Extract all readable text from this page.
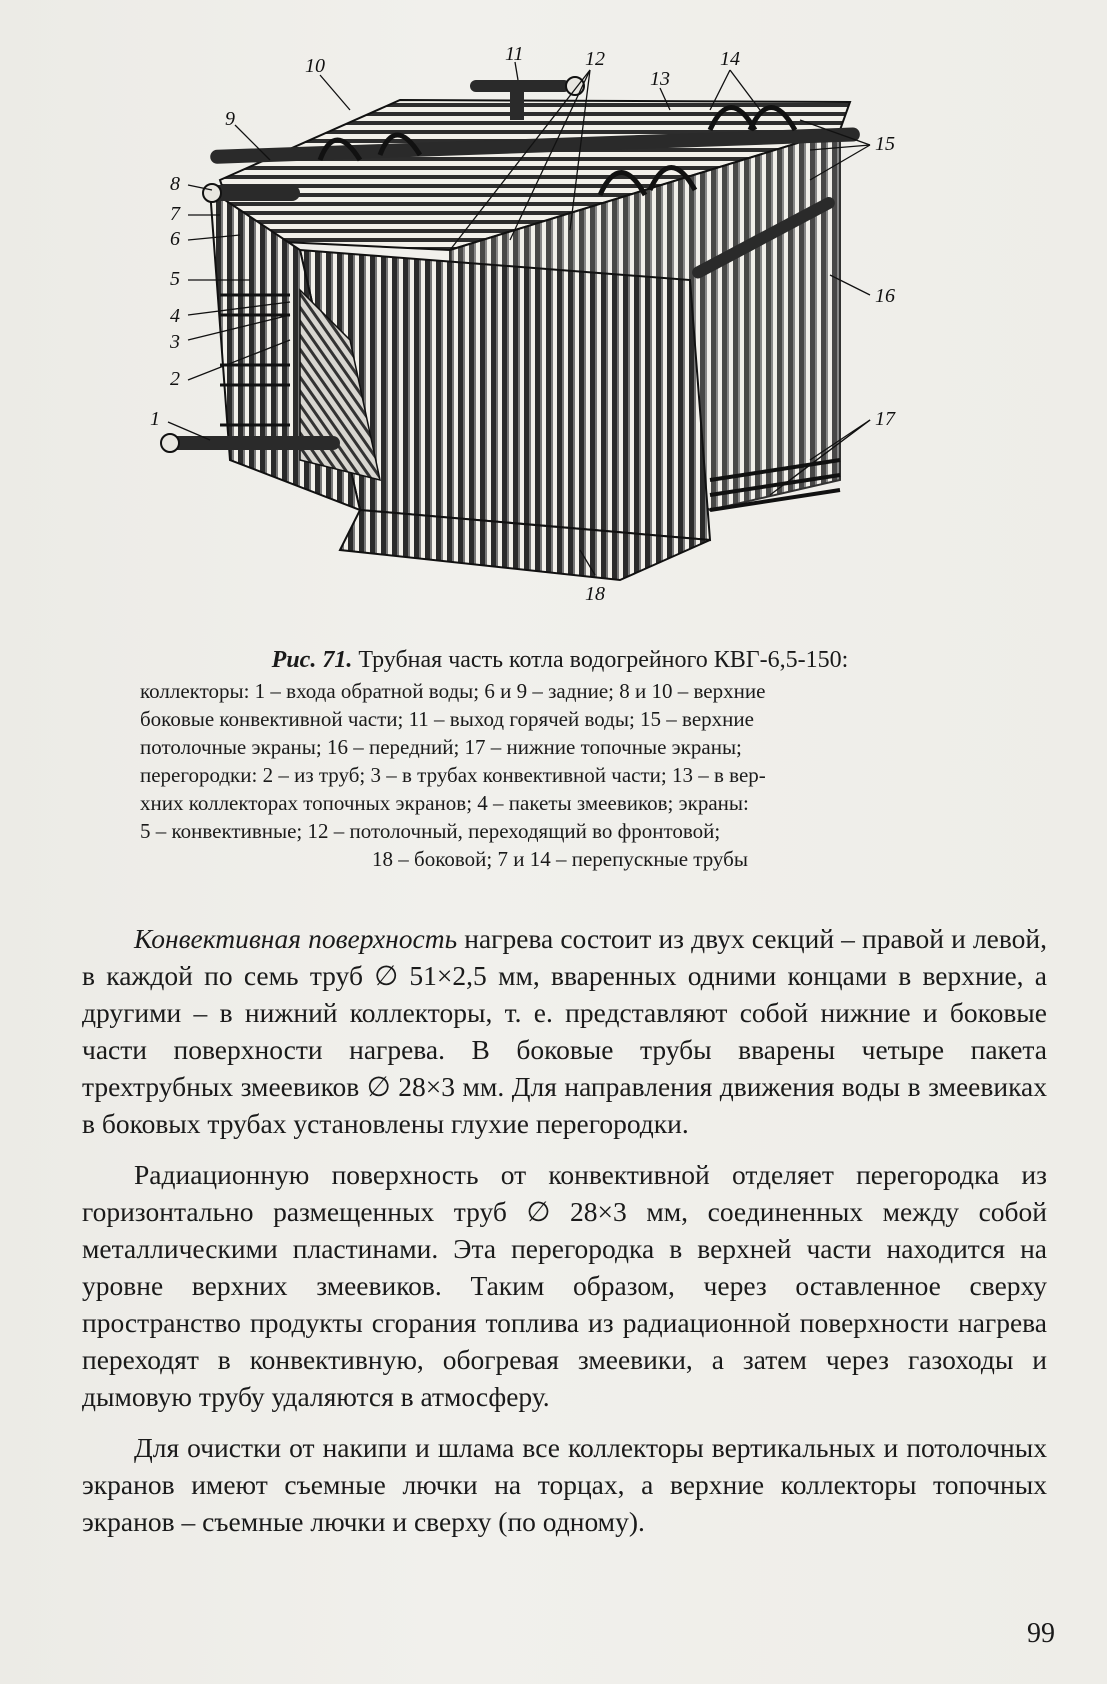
1
2
3
4
5
6
7
8
9
10
11	12
13
14
15
16
17
18
Рис. 71. Трубная часть котла водогрейного КВГ-6,5-150:

коллекторы: 1 – входа обратной воды; 6 и 9 – задние; 8 и 10 – верхние

боковые конвективной части; 11 – выход горячей воды; 15 – верхние

потолочные экраны; 16 – передний; 17 – нижние топочные экраны;

перегородки: 2 – из труб; 3 – в трубах конвективной части; 13 – в вер-

хних коллекторах топочных экранов; 4 – пакеты змеевиков; экраны:

5 – конвективные; 12 – потолочный, переходящий во фронтовой;

18 – боковой; 7 и 14 – перепускные трубы

Конвективная поверхность нагрева состоит из двух секций – правой и левой, в каждой по семь труб ∅ 51×2,5 мм, вваренных одними концами в верхние, а другими – в нижний коллекторы, т. е. представляют собой нижние и боковые части поверхности нагрева. В боковые трубы вварены четыре пакета трехтрубных змеевиков ∅ 28×3 мм. Для направления движения воды в змеевиках в боковых трубах установлены глухие перегородки.

Радиационную поверхность от конвективной отделяет перегородка из горизонтально размещенных труб ∅ 28×3 мм, соединенных между собой металлическими пластинами. Эта перегородка в верхней части находится на уровне верхних змеевиков. Таким образом, через оставленное сверху пространство продукты сгорания топлива из радиационной поверхности нагрева переходят в конвективную, обогревая змеевики, а затем через газоходы и дымовую трубу удаляются в атмосферу.

Для очистки от накипи и шлама все коллекторы вертикальных и потолочных экранов имеют съемные лючки на торцах, а верхние коллекторы топочных экранов – съемные лючки и сверху (по одному).

99
